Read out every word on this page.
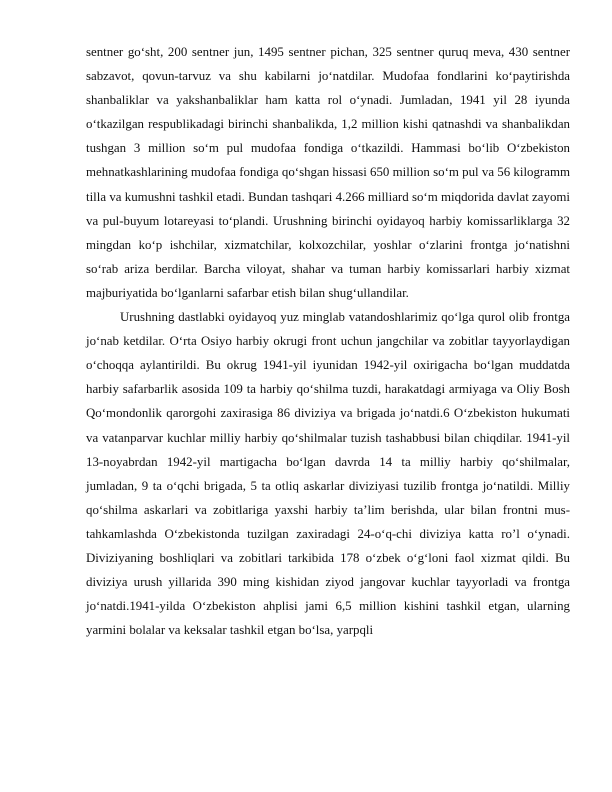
sentner go‘sht, 200 sentner jun, 1495 sentner pichan, 325 sentner quruq meva, 430 sentner sabzavot, qovun-tarvuz va shu kabilarni jo‘natdilar. Mudofaa fondlarini ko‘paytirishda shanbaliklar va yakshanbaliklar ham katta rol o‘ynadi. Jumladan, 1941 yil 28 iyunda o‘tkazilgan respublikadagi birinchi shanbalikda, 1,2 million kishi qatnashdi va shanbalikdan tushgan 3 million so‘m pul mudofaa fondiga o‘tkazildi. Hammasi bo‘lib O‘zbekiston mehnatkashlarining mudofaa fondiga qo‘shgan hissasi 650 million so‘m pul va 56 kilogramm tilla va kumushni tashkil etadi. Bundan tashqari 4.266 milliard so‘m miqdorida davlat zayomi va pul-buyum lotareyasi to‘plandi. Urushning birinchi oyidayoq harbiy komissarliklarga 32 mingdan ko‘p ishchilar, xizmatchilar, kolxozchilar, yoshlar o‘zlarini frontga jo‘natishni so‘rab ariza berdilar. Barcha viloyat, shahar va tuman harbiy komissarlari harbiy xizmat majburiyatida bo‘lganlarni safarbar etish bilan shug‘ullandilar.

Urushning dastlabki oyidayoq yuz minglab vatandoshlarimiz qo‘lga qurol olib frontga jo‘nab ketdilar. O‘rta Osiyo harbiy okrugi front uchun jangchilar va zobitlar tayyorlaydigan o‘choqqa aylantirildi. Bu okrug 1941-yil iyunidan 1942-yil oxirigacha bo‘lgan muddatda harbiy safarbarlik asosida 109 ta harbiy qo‘shilma tuzdi, harakatdagi armiyaga va Oliy Bosh Qo‘mondonlik qarorgohi zaxirasiga 86 diviziya va brigada jo‘natdi.6 O‘zbekiston hukumati va vatanparvar kuchlar milliy harbiy qo‘shilmalar tuzish tashabbusi bilan chiqdilar. 1941-yil 13-noyabrdan 1942-yil martigacha bo‘lgan davrda 14 ta milliy harbiy qo‘shilmalar, jumladan, 9 ta o‘qchi brigada, 5 ta otliq askarlar diviziyasi tuzilib frontga jo‘natildi. Milliy qo‘shilma askarlari va zobitlariga yaxshi harbiy ta’lim berishda, ular bilan frontni mus-tahkamlashda O‘zbekistonda tuzilgan zaxiradagi 24-o‘q-chi diviziya katta ro’l o‘ynadi. Diviziyaning boshliqlari va zobitlari tarkibida 178 o‘zbek o‘g‘loni faol xizmat qildi. Bu diviziya urush yillarida 390 ming kishidan ziyod jangovar kuchlar tayyorladi va frontga jo‘natdi.1941-yilda O‘zbekiston ahplisi jami 6,5 million kishini tashkil etgan, ularning yarmini bolalar va keksalar tashkil etgan bo‘lsa, yarpqli
